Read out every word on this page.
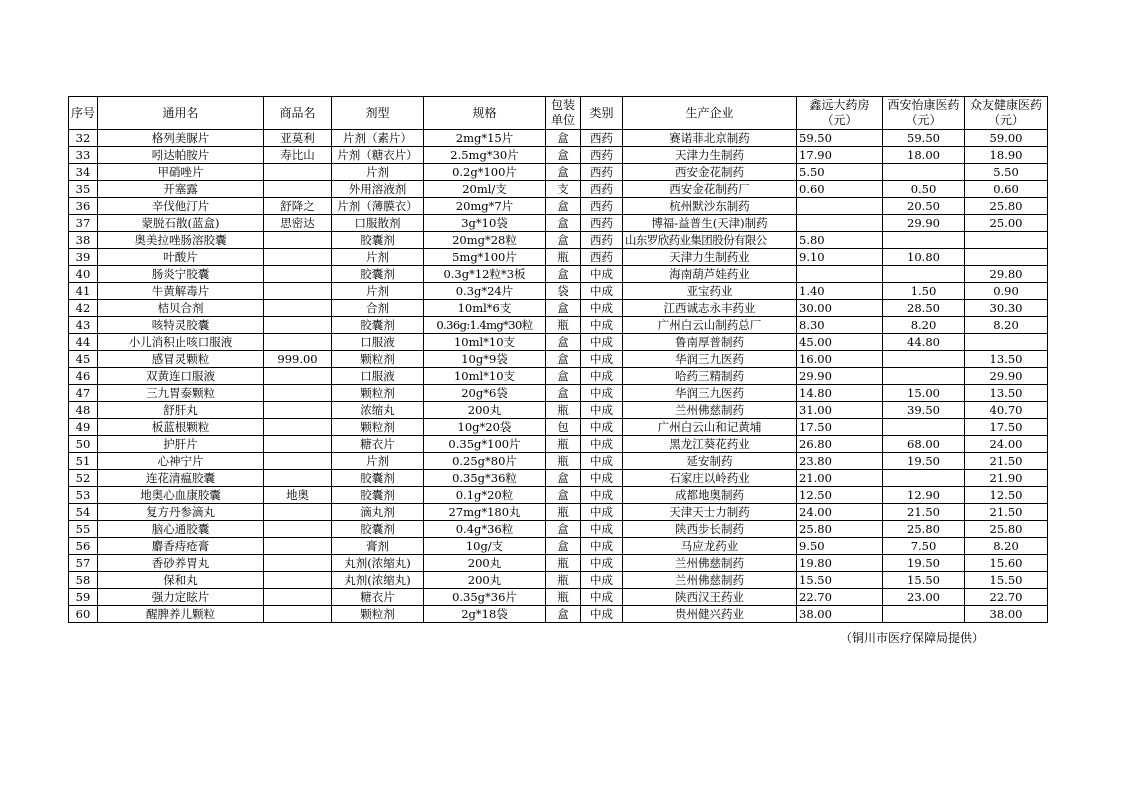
序号	通用名	商品名	剂型	规格	包装单位	类别	生产企业	鑫远大药房（元）	西安怡康医药（元）	众友健康医药（元）
32	格列美脲片	亚莫利	片剂（素片）	2mg*15片	盒	西药	赛诺菲北京制药	59.50	59.50	59.00
33	吲达帕胺片	寿比山	片剂（糖衣片）	2.5mg*30片	盒	西药	天津力生制药	17.90	18.00	18.90
34	甲硝唑片		片剂	0.2g*100片	盒	西药	西安金花制药	5.50		5.50
35	开塞露		外用溶液剂	20ml/支	支	西药	西安金花制药厂	0.60	0.50	0.60
36	辛伐他汀片	舒降之	片剂（薄膜衣）	20mg*7片	盒	西药	杭州默沙东制药		20.50	25.80
37	蒙脱石散(蓝盒)	思密达	口服散剂	3g*10袋	盒	西药	博福-益普生(天津)制药		29.90	25.00
38	奥美拉唑肠溶胶囊		胶囊剂	20mg*28粒	盒	西药	山东罗欣药业集团股份有限公	5.80		
39	叶酸片		片剂	5mg*100片	瓶	西药	天津力生制药业	9.10	10.80	
40	肠炎宁胶囊		胶囊剂	0.3g*12粒*3板	盒	中成	海南葫芦娃药业			29.80
41	牛黄解毒片		片剂	0.3g*24片	袋	中成	亚宝药业	1.40	1.50	0.90
42	桔贝合剂		合剂	10ml*6支	盒	中成	江西诚志永丰药业	30.00	28.50	30.30
43	咳特灵胶囊		胶囊剂	0.36g:1.4mg*30粒	瓶	中成	广州白云山制药总厂	8.30	8.20	8.20
44	小儿消积止咳口服液		口服液	10ml*10支	盒	中成	鲁南厚普制药	45.00	44.80	
45	感冒灵颗粒	999.00	颗粒剂	10g*9袋	盒	中成	华润三九医药	16.00		13.50
46	双黄连口服液		口服液	10ml*10支	盒	中成	哈药三精制药	29.90		29.90
47	三九胃泰颗粒		颗粒剂	20g*6袋	盒	中成	华润三九医药	14.80	15.00	13.50
48	舒肝丸		浓缩丸	200丸	瓶	中成	兰州佛慈制药	31.00	39.50	40.70
49	板蓝根颗粒		颗粒剂	10g*20袋	包	中成	广州白云山和记黄埔	17.50		17.50
50	护肝片		糖衣片	0.35g*100片	瓶	中成	黑龙江葵花药业	26.80	68.00	24.00
51	心神宁片		片剂	0.25g*80片	瓶	中成	延安制药	23.80	19.50	21.50
52	连花清瘟胶囊		胶囊剂	0.35g*36粒	盒	中成	石家庄以岭药业	21.00		21.90
53	地奥心血康胶囊	地奥	胶囊剂	0.1g*20粒	盒	中成	成都地奥制药	12.50	12.90	12.50
54	复方丹参滴丸		滴丸剂	27mg*180丸	瓶	中成	天津天士力制药	24.00	21.50	21.50
55	脑心通胶囊		胶囊剂	0.4g*36粒	盒	中成	陕西步长制药	25.80	25.80	25.80
56	麝香痔疮膏		膏剂	10g/支	盒	中成	马应龙药业	9.50	7.50	8.20
57	香砂养胃丸		丸剂(浓缩丸)	200丸	瓶	中成	兰州佛慈制药	19.80	19.50	15.60
58	保和丸		丸剂(浓缩丸)	200丸	瓶	中成	兰州佛慈制药	15.50	15.50	15.50
59	强力定眩片		糖衣片	0.35g*36片	瓶	中成	陕西汉王药业	22.70	23.00	22.70
60	醒脾养儿颗粒		颗粒剂	2g*18袋	盒	中成	贵州健兴药业	38.00		38.00
（铜川市医疗保障局提供）
